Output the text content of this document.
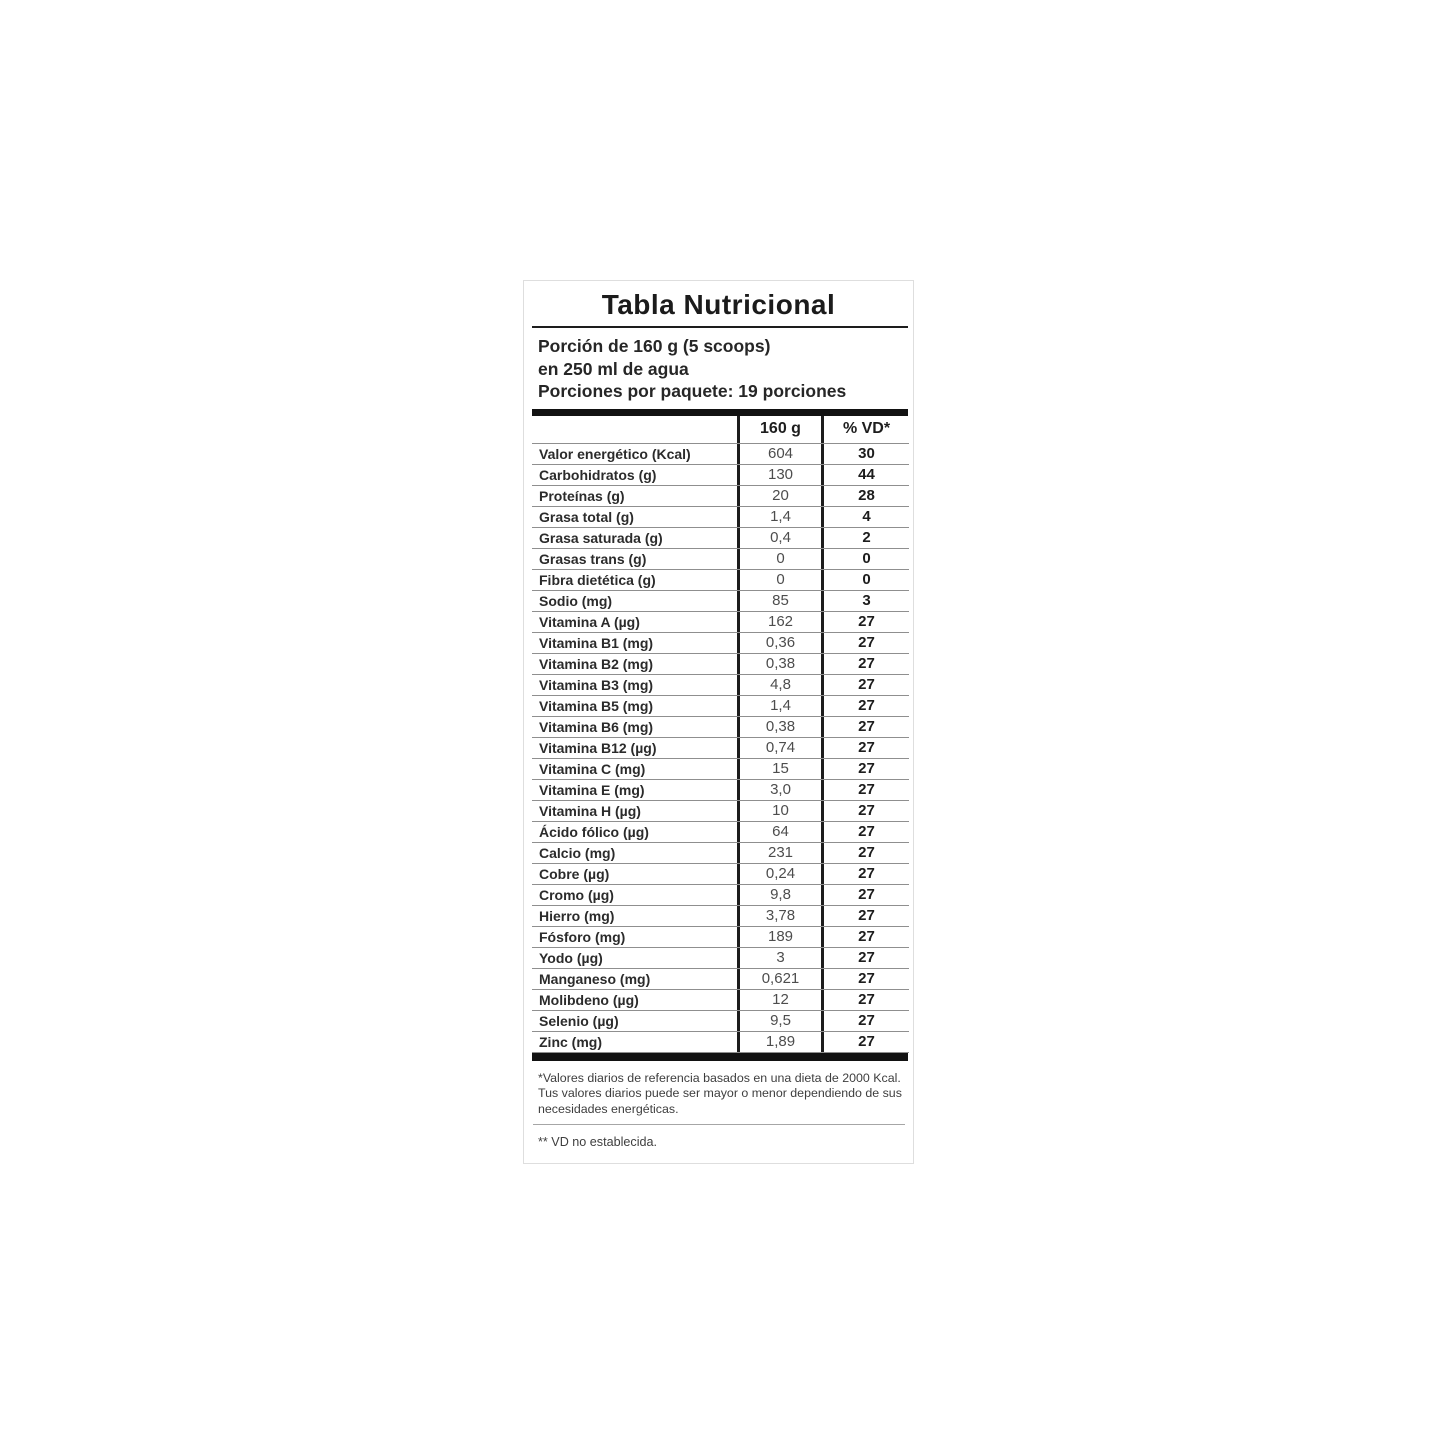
Tabla Nutricional
Porción de 160 g (5 scoops)
en 250 ml de agua
Porciones por paquete: 19 porciones
160 g	% VD*
Valor energético (Kcal)	604	30
Carbohidratos (g)	130	44
Proteínas (g)	20	28
Grasa total (g)	1,4	4
Grasa saturada (g)	0,4	2
Grasas trans (g)	0	0
Fibra dietética (g)	0	0
Sodio (mg)	85	3
Vitamina A (µg)	162	27
Vitamina B1 (mg)	0,36	27
Vitamina B2 (mg)	0,38	27
Vitamina B3 (mg)	4,8	27
Vitamina B5 (mg)	1,4	27
Vitamina B6 (mg)	0,38	27
Vitamina B12 (µg)	0,74	27
Vitamina C (mg)	15	27
Vitamina E (mg)	3,0	27
Vitamina H (µg)	10	27
Ácido fólico (µg)	64	27
Calcio (mg)	231	27
Cobre (µg)	0,24	27
Cromo (µg)	9,8	27
Hierro (mg)	3,78	27
Fósforo (mg)	189	27
Yodo (µg)	3	27
Manganeso (mg)	0,621	27
Molibdeno (µg)	12	27
Selenio (µg)	9,5	27
Zinc (mg)	1,89	27
*Valores diarios de referencia basados en una dieta de 2000 Kcal.
Tus valores diarios puede ser mayor o menor dependiendo de sus
necesidades energéticas.
** VD no establecida.
